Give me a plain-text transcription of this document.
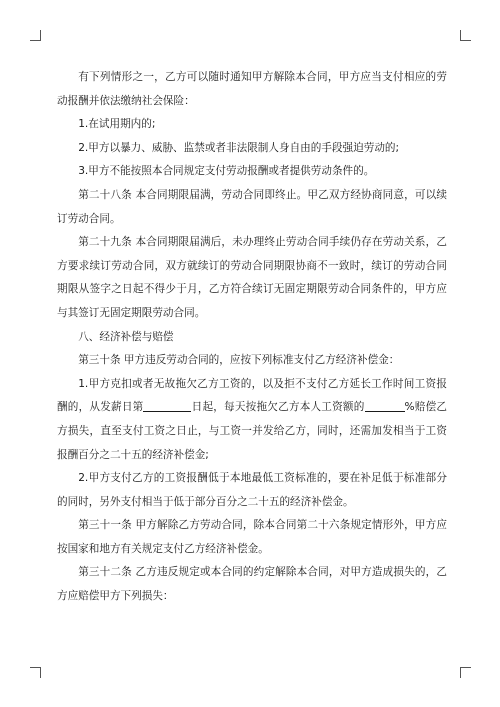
有下列情形之一，乙方可以随时通知甲方解除本合同，甲方应当支付相应的劳动报酬并依法缴纳社会保险：

1.在试用期内的;

2.甲方以暴力、威胁、监禁或者非法限制人身自由的手段强迫劳动的;

3.甲方不能按照本合同规定支付劳动报酬或者提供劳动条件的。

第二十八条 本合同期限届满，劳动合同即终止。甲乙双方经协商同意，可以续订劳动合同。

第二十九条 本合同期限届满后，未办理终止劳动合同手续仍存在劳动关系，乙方要求续订劳动合同，双方就续订的劳动合同期限协商不一致时，续订的劳动合同期限从签字之日起不得少于月，乙方符合续订无固定期限劳动合同条件的，甲方应与其签订无固定期限劳动合同。

八、经济补偿与赔偿

第三十条 甲方违反劳动合同的，应按下列标准支付乙方经济补偿金：

1.甲方克扣或者无故拖欠乙方工资的，以及拒不支付乙方延长工作时间工资报酬的，从发薪日第	日起，每天按拖欠乙方本人工资额的	%赔偿乙方损失，直至支付工资之日止，与工资一并发给乙方，同时，还需加发相当于工资报酬百分之二十五的经济补偿金;

2.甲方支付乙方的工资报酬低于本地最低工资标准的，要在补足低于标准部分的同时，另外支付相当于低于部分百分之二十五的经济补偿金。

第三十一条 甲方解除乙方劳动合同，除本合同第二十六条规定情形外，甲方应按国家和地方有关规定支付乙方经济补偿金。

第三十二条 乙方违反规定或本合同的约定解除本合同，对甲方造成损失的，乙方应赔偿甲方下列损失：
